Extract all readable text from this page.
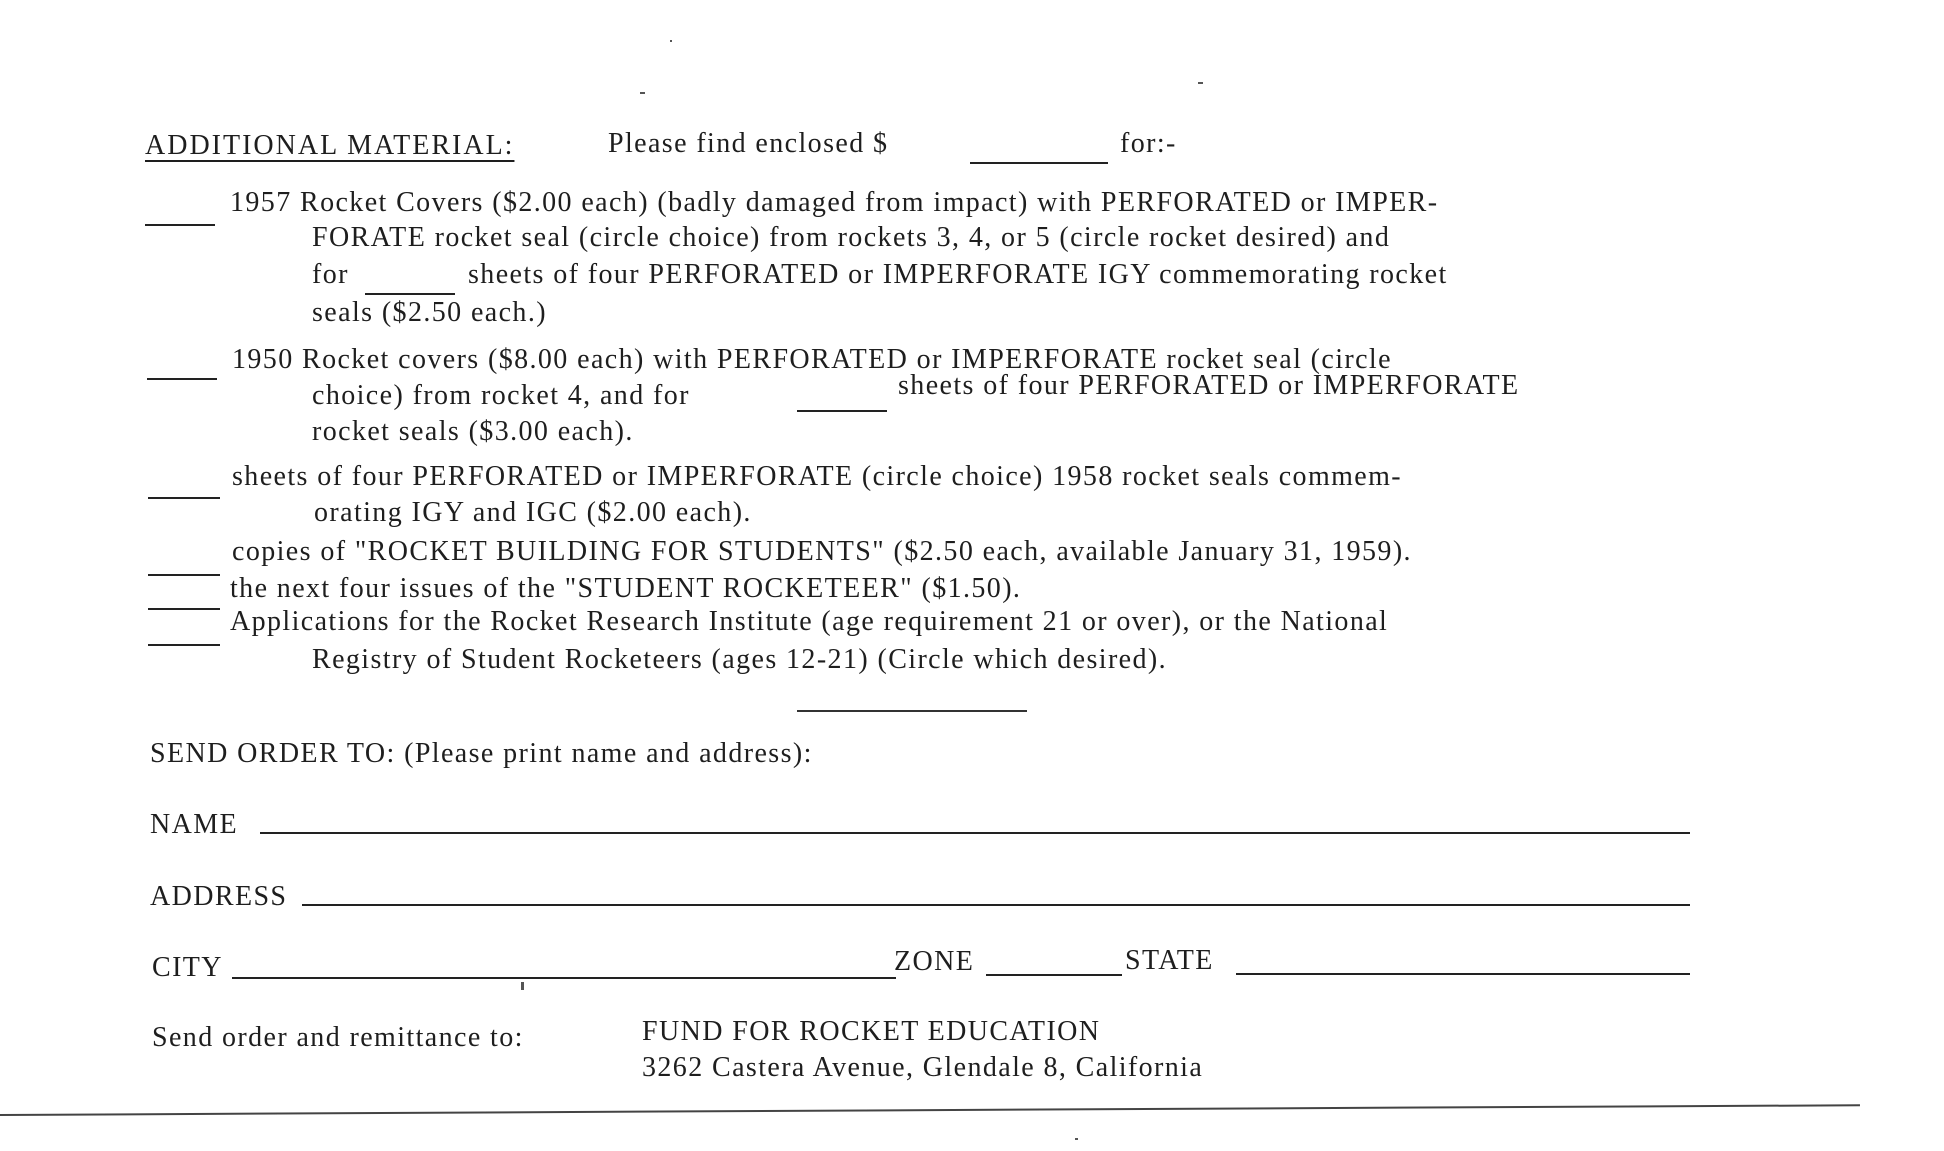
ADDITIONAL MATERIAL:	Please find enclosed $	for:-
1957 Rocket Covers ($2.00 each) (badly damaged from impact) with PERFORATED or IMPER-
FORATE rocket seal (circle choice) from rockets 3, 4, or 5 (circle rocket desired) and
for	sheets of four PERFORATED or IMPERFORATE IGY commemorating rocket
seals ($2.50 each.)
1950 Rocket covers ($8.00 each) with PERFORATED or IMPERFORATE rocket seal (circle
choice) from rocket 4, and for	sheets of four PERFORATED or IMPERFORATE
rocket seals ($3.00 each).
sheets of four PERFORATED or IMPERFORATE (circle choice) 1958 rocket seals commem-
orating IGY and IGC ($2.00 each).
copies of "ROCKET BUILDING FOR STUDENTS" ($2.50 each, available January 31, 1959).
the next four issues of the "STUDENT ROCKETEER" ($1.50).
Applications for the Rocket Research Institute (age requirement 21 or over), or the National
Registry of Student Rocketeers (ages 12-21) (Circle which desired).
SEND ORDER TO: (Please print name and address):
NAME
ADDRESS
CITY	ZONE	STATE
Send order and remittance to:	FUND FOR ROCKET EDUCATION
3262 Castera Avenue, Glendale 8, California
